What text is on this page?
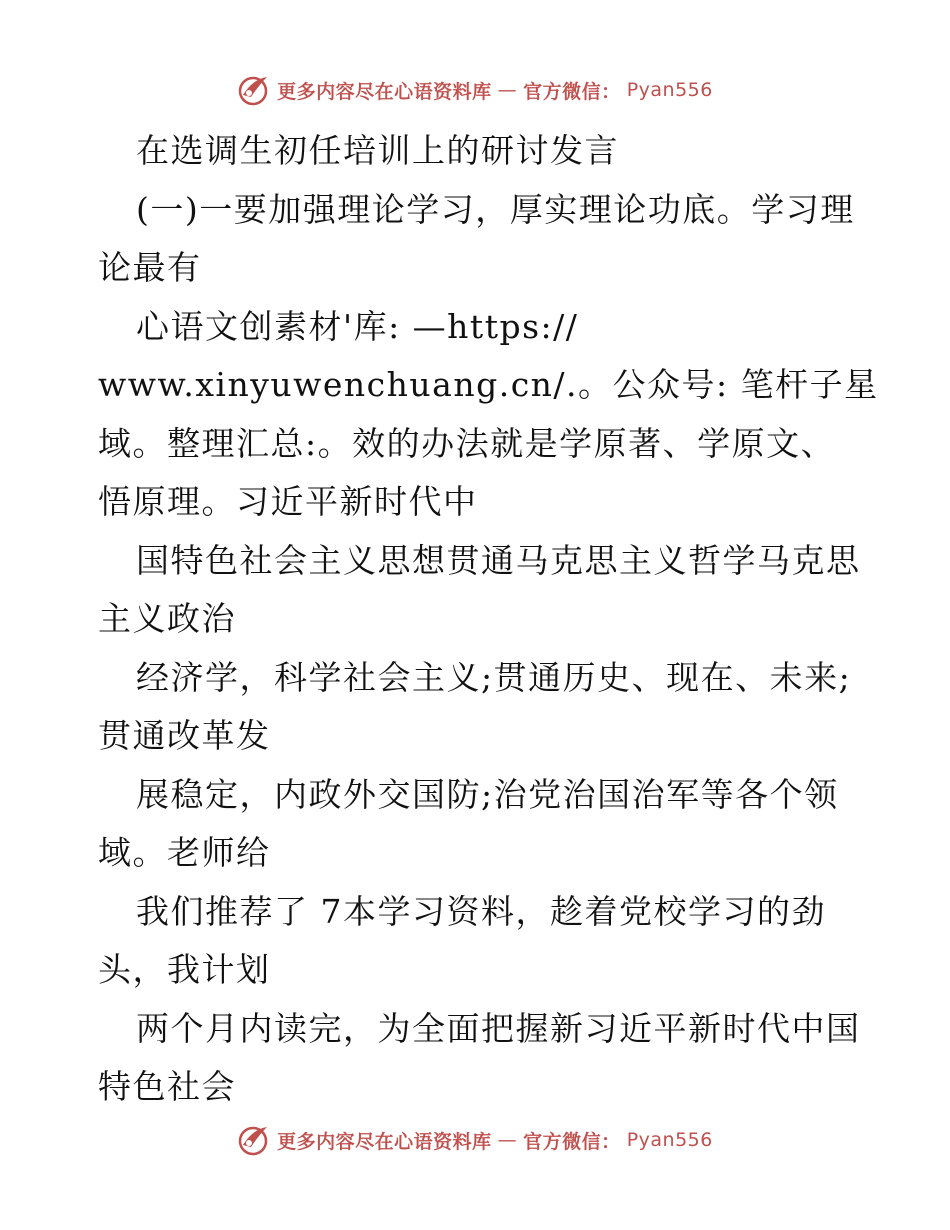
更多内容尽在心语资料库 — 官方微信： Pyan556
在选调生初任培训上的研讨发言
(一)一要加强理论学习，厚实理论功底。学习理
论最有
心语文创素材'库: —https://
www.xinyuwenchuang.cn/.。公众号: 笔杆子星
域。整理汇总:。效的办法就是学原著、学原文、
悟原理。习近平新时代中
国特色社会主义思想贯通马克思主义哲学马克思
主义政治
经济学，科学社会主义;贯通历史、现在、未来;
贯通改革发
展稳定，内政外交国防;治党治国治军等各个领
域。老师给
我们推荐了 7本学习资料，趁着党校学习的劲
头，我计划
两个月内读完，为全面把握新习近平新时代中国
特色社会
更多内容尽在心语资料库 — 官方微信： Pyan556
